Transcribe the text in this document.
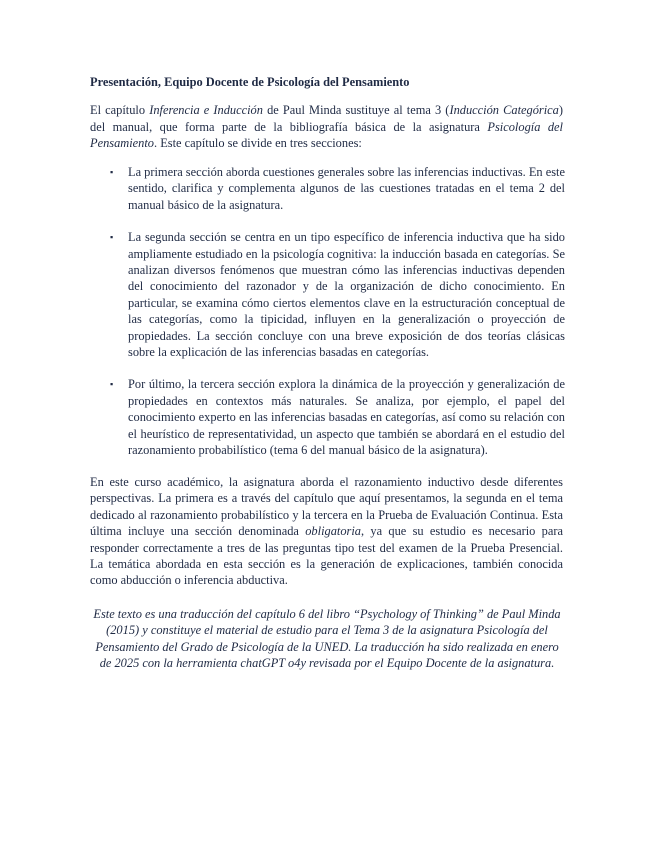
Presentación, Equipo Docente de Psicología del Pensamiento

El capítulo Inferencia e Inducción de Paul Minda sustituye al tema 3 (Inducción Categórica) del manual, que forma parte de la bibliografía básica de la asignatura Psicología del Pensamiento. Este capítulo se divide en tres secciones:

▪ La primera sección aborda cuestiones generales sobre las inferencias inductivas. En este sentido, clarifica y complementa algunos de las cuestiones tratadas en el tema 2 del manual básico de la asignatura.
▪ La segunda sección se centra en un tipo específico de inferencia inductiva que ha sido ampliamente estudiado en la psicología cognitiva: la inducción basada en categorías. Se analizan diversos fenómenos que muestran cómo las inferencias inductivas dependen del conocimiento del razonador y de la organización de dicho conocimiento. En particular, se examina cómo ciertos elementos clave en la estructuración conceptual de las categorías, como la tipicidad, influyen en la generalización o proyección de propiedades. La sección concluye con una breve exposición de dos teorías clásicas sobre la explicación de las inferencias basadas en categorías.
▪ Por último, la tercera sección explora la dinámica de la proyección y generalización de propiedades en contextos más naturales. Se analiza, por ejemplo, el papel del conocimiento experto en las inferencias basadas en categorías, así como su relación con el heurístico de representatividad, un aspecto que también se abordará en el estudio del razonamiento probabilístico (tema 6 del manual básico de la asignatura).

En este curso académico, la asignatura aborda el razonamiento inductivo desde diferentes perspectivas. La primera es a través del capítulo que aquí presentamos, la segunda en el tema dedicado al razonamiento probabilístico y la tercera en la Prueba de Evaluación Continua. Esta última incluye una sección denominada obligatoria, ya que su estudio es necesario para responder correctamente a tres de las preguntas tipo test del examen de la Prueba Presencial. La temática abordada en esta sección es la generación de explicaciones, también conocida como abducción o inferencia abductiva.

Este texto es una traducción del capítulo 6 del libro “Psychology of Thinking” de Paul Minda (2015) y constituye el material de estudio para el Tema 3 de la asignatura Psicología del Pensamiento del Grado de Psicología de la UNED. La traducción ha sido realizada en enero de 2025 con la herramienta chatGPT o4y revisada por el Equipo Docente de la asignatura.
